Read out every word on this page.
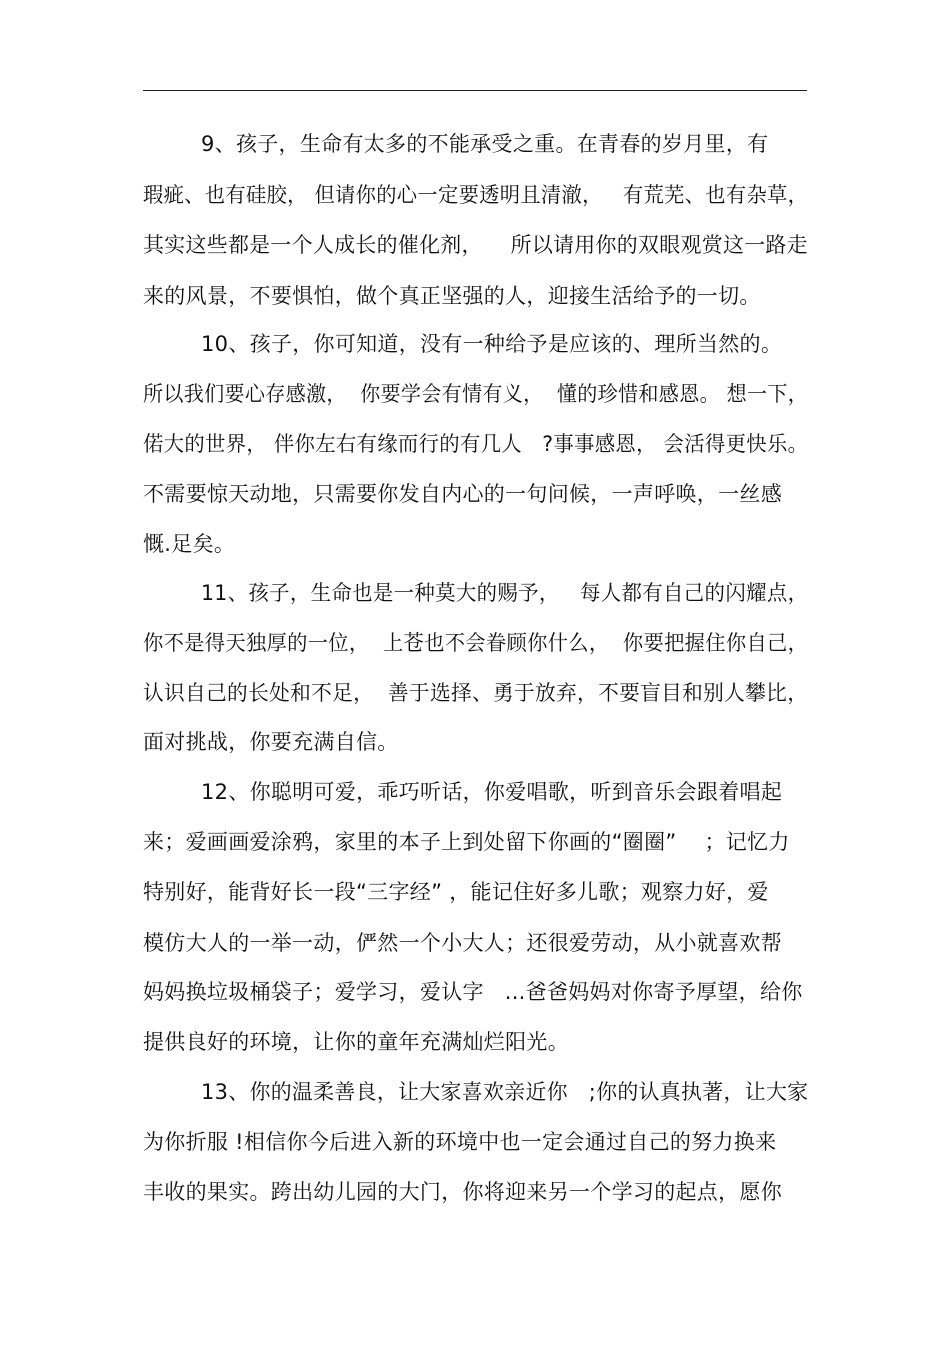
9、孩子，生命有太多的不能承受之重。在青春的岁月里，有
瑕疵、也有硅胶， 但请你的心一定要透明且清澈，   有荒芜、也有杂草，
其实这些都是一个人成长的催化剂，    所以请用你的双眼观赏这一路走
来的风景，不要惧怕，做个真正坚强的人，迎接生活给予的一切。
10、孩子，你可知道，没有一种给予是应该的、理所当然的。
所以我们要心存感激，  你要学会有情有义，  懂的珍惜和感恩。 想一下，
偌大的世界， 伴你左右有缘而行的有几人   ?事事感恩， 会活得更快乐。
不需要惊天动地，只需要你发自内心的一句问候，一声呼唤，一丝感
慨.足矣。
11、孩子，生命也是一种莫大的赐予，   每人都有自己的闪耀点，
你不是得天独厚的一位，  上苍也不会眷顾你什么，  你要把握住你自己，
认识自己的长处和不足，  善于选择、勇于放弃，不要盲目和别人攀比，
面对挑战，你要充满自信。
12、你聪明可爱，乖巧听话，你爱唱歌，听到音乐会跟着唱起
来；爱画画爱涂鸦，家里的本子上到处留下你画的“圈圈”    ；记忆力
特别好，能背好长一段“三字经” ，能记住好多儿歌；观察力好，爱
模仿大人的一举一动，俨然一个小大人；还很爱劳动，从小就喜欢帮
妈妈换垃圾桶袋子；爱学习，爱认字   ...爸爸妈妈对你寄予厚望，给你
提供良好的环境，让你的童年充满灿烂阳光。
13、你的温柔善良，让大家喜欢亲近你   ;你的认真执著，让大家
为你折服 !相信你今后进入新的环境中也一定会通过自己的努力换来
丰收的果实。跨出幼儿园的大门，你将迎来另一个学习的起点，愿你
